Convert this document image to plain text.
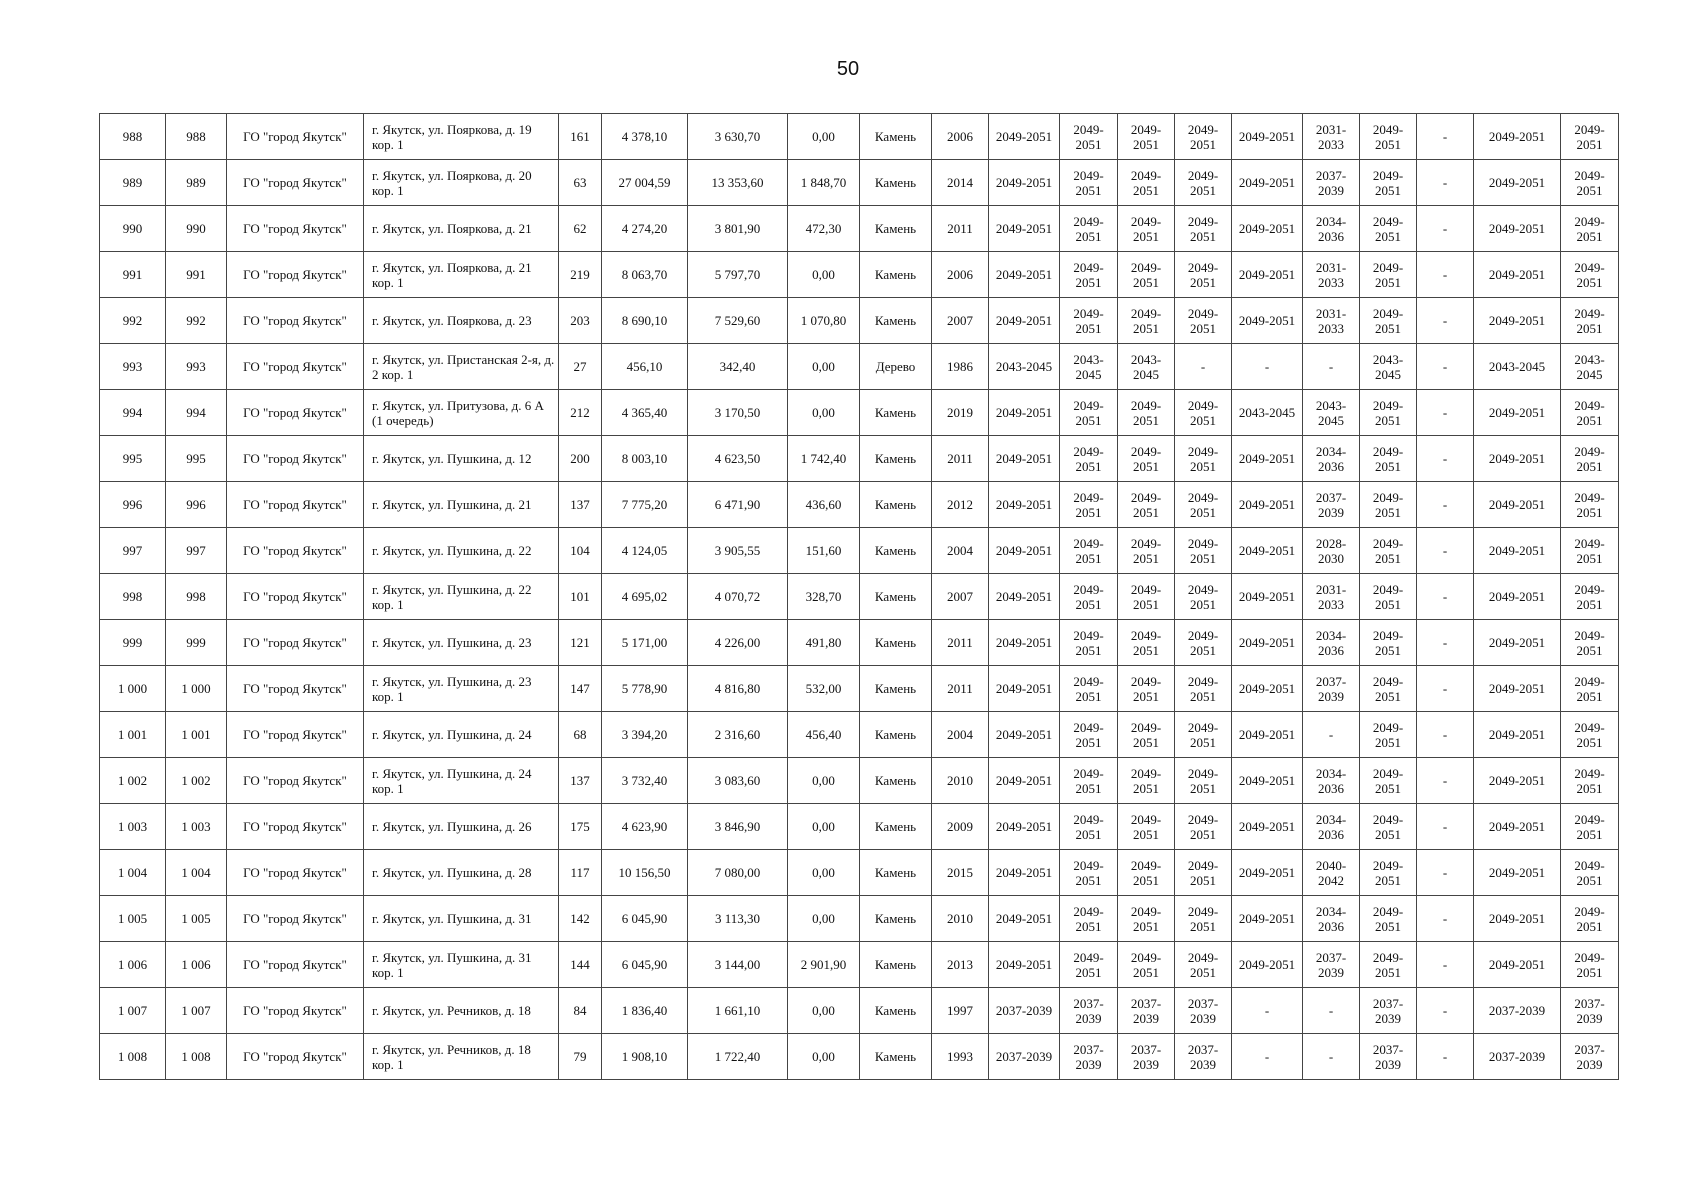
50
988	988	ГО "город Якутск"	г. Якутск, ул. Пояркова, д. 19 кор. 1	161	4 378,10	3 630,70	0,00	Камень	2006	2049-2051	2049-2051	2049-2051	2049-2051	2049-2051	2031-2033	2049-2051	-	2049-2051	2049-2051
989	989	ГО "город Якутск"	г. Якутск, ул. Пояркова, д. 20 кор. 1	63	27 004,59	13 353,60	1 848,70	Камень	2014	2049-2051	2049-2051	2049-2051	2049-2051	2049-2051	2037-2039	2049-2051	-	2049-2051	2049-2051
990	990	ГО "город Якутск"	г. Якутск, ул. Пояркова, д. 21	62	4 274,20	3 801,90	472,30	Камень	2011	2049-2051	2049-2051	2049-2051	2049-2051	2049-2051	2034-2036	2049-2051	-	2049-2051	2049-2051
991	991	ГО "город Якутск"	г. Якутск, ул. Пояркова, д. 21 кор. 1	219	8 063,70	5 797,70	0,00	Камень	2006	2049-2051	2049-2051	2049-2051	2049-2051	2049-2051	2031-2033	2049-2051	-	2049-2051	2049-2051
992	992	ГО "город Якутск"	г. Якутск, ул. Пояркова, д. 23	203	8 690,10	7 529,60	1 070,80	Камень	2007	2049-2051	2049-2051	2049-2051	2049-2051	2049-2051	2031-2033	2049-2051	-	2049-2051	2049-2051
993	993	ГО "город Якутск"	г. Якутск, ул. Пристанская 2-я, д. 2 кор. 1	27	456,10	342,40	0,00	Дерево	1986	2043-2045	2043-2045	2043-2045	-	-	-	2043-2045	-	2043-2045	2043-2045
994	994	ГО "город Якутск"	г. Якутск, ул. Притузова, д. 6 А (1 очередь)	212	4 365,40	3 170,50	0,00	Камень	2019	2049-2051	2049-2051	2049-2051	2049-2051	2043-2045	2043-2045	2049-2051	-	2049-2051	2049-2051
995	995	ГО "город Якутск"	г. Якутск, ул. Пушкина, д. 12	200	8 003,10	4 623,50	1 742,40	Камень	2011	2049-2051	2049-2051	2049-2051	2049-2051	2049-2051	2034-2036	2049-2051	-	2049-2051	2049-2051
996	996	ГО "город Якутск"	г. Якутск, ул. Пушкина, д. 21	137	7 775,20	6 471,90	436,60	Камень	2012	2049-2051	2049-2051	2049-2051	2049-2051	2049-2051	2037-2039	2049-2051	-	2049-2051	2049-2051
997	997	ГО "город Якутск"	г. Якутск, ул. Пушкина, д. 22	104	4 124,05	3 905,55	151,60	Камень	2004	2049-2051	2049-2051	2049-2051	2049-2051	2049-2051	2028-2030	2049-2051	-	2049-2051	2049-2051
998	998	ГО "город Якутск"	г. Якутск, ул. Пушкина, д. 22 кор. 1	101	4 695,02	4 070,72	328,70	Камень	2007	2049-2051	2049-2051	2049-2051	2049-2051	2049-2051	2031-2033	2049-2051	-	2049-2051	2049-2051
999	999	ГО "город Якутск"	г. Якутск, ул. Пушкина, д. 23	121	5 171,00	4 226,00	491,80	Камень	2011	2049-2051	2049-2051	2049-2051	2049-2051	2049-2051	2034-2036	2049-2051	-	2049-2051	2049-2051
1 000	1 000	ГО "город Якутск"	г. Якутск, ул. Пушкина, д. 23 кор. 1	147	5 778,90	4 816,80	532,00	Камень	2011	2049-2051	2049-2051	2049-2051	2049-2051	2049-2051	2037-2039	2049-2051	-	2049-2051	2049-2051
1 001	1 001	ГО "город Якутск"	г. Якутск, ул. Пушкина, д. 24	68	3 394,20	2 316,60	456,40	Камень	2004	2049-2051	2049-2051	2049-2051	2049-2051	2049-2051	-	2049-2051	-	2049-2051	2049-2051
1 002	1 002	ГО "город Якутск"	г. Якутск, ул. Пушкина, д. 24 кор. 1	137	3 732,40	3 083,60	0,00	Камень	2010	2049-2051	2049-2051	2049-2051	2049-2051	2049-2051	2034-2036	2049-2051	-	2049-2051	2049-2051
1 003	1 003	ГО "город Якутск"	г. Якутск, ул. Пушкина, д. 26	175	4 623,90	3 846,90	0,00	Камень	2009	2049-2051	2049-2051	2049-2051	2049-2051	2049-2051	2034-2036	2049-2051	-	2049-2051	2049-2051
1 004	1 004	ГО "город Якутск"	г. Якутск, ул. Пушкина, д. 28	117	10 156,50	7 080,00	0,00	Камень	2015	2049-2051	2049-2051	2049-2051	2049-2051	2049-2051	2040-2042	2049-2051	-	2049-2051	2049-2051
1 005	1 005	ГО "город Якутск"	г. Якутск, ул. Пушкина, д. 31	142	6 045,90	3 113,30	0,00	Камень	2010	2049-2051	2049-2051	2049-2051	2049-2051	2049-2051	2034-2036	2049-2051	-	2049-2051	2049-2051
1 006	1 006	ГО "город Якутск"	г. Якутск, ул. Пушкина, д. 31 кор. 1	144	6 045,90	3 144,00	2 901,90	Камень	2013	2049-2051	2049-2051	2049-2051	2049-2051	2049-2051	2037-2039	2049-2051	-	2049-2051	2049-2051
1 007	1 007	ГО "город Якутск"	г. Якутск, ул. Речников, д. 18	84	1 836,40	1 661,10	0,00	Камень	1997	2037-2039	2037-2039	2037-2039	2037-2039	-	-	2037-2039	-	2037-2039	2037-2039
1 008	1 008	ГО "город Якутск"	г. Якутск, ул. Речников, д. 18 кор. 1	79	1 908,10	1 722,40	0,00	Камень	1993	2037-2039	2037-2039	2037-2039	2037-2039	-	-	2037-2039	-	2037-2039	2037-2039
